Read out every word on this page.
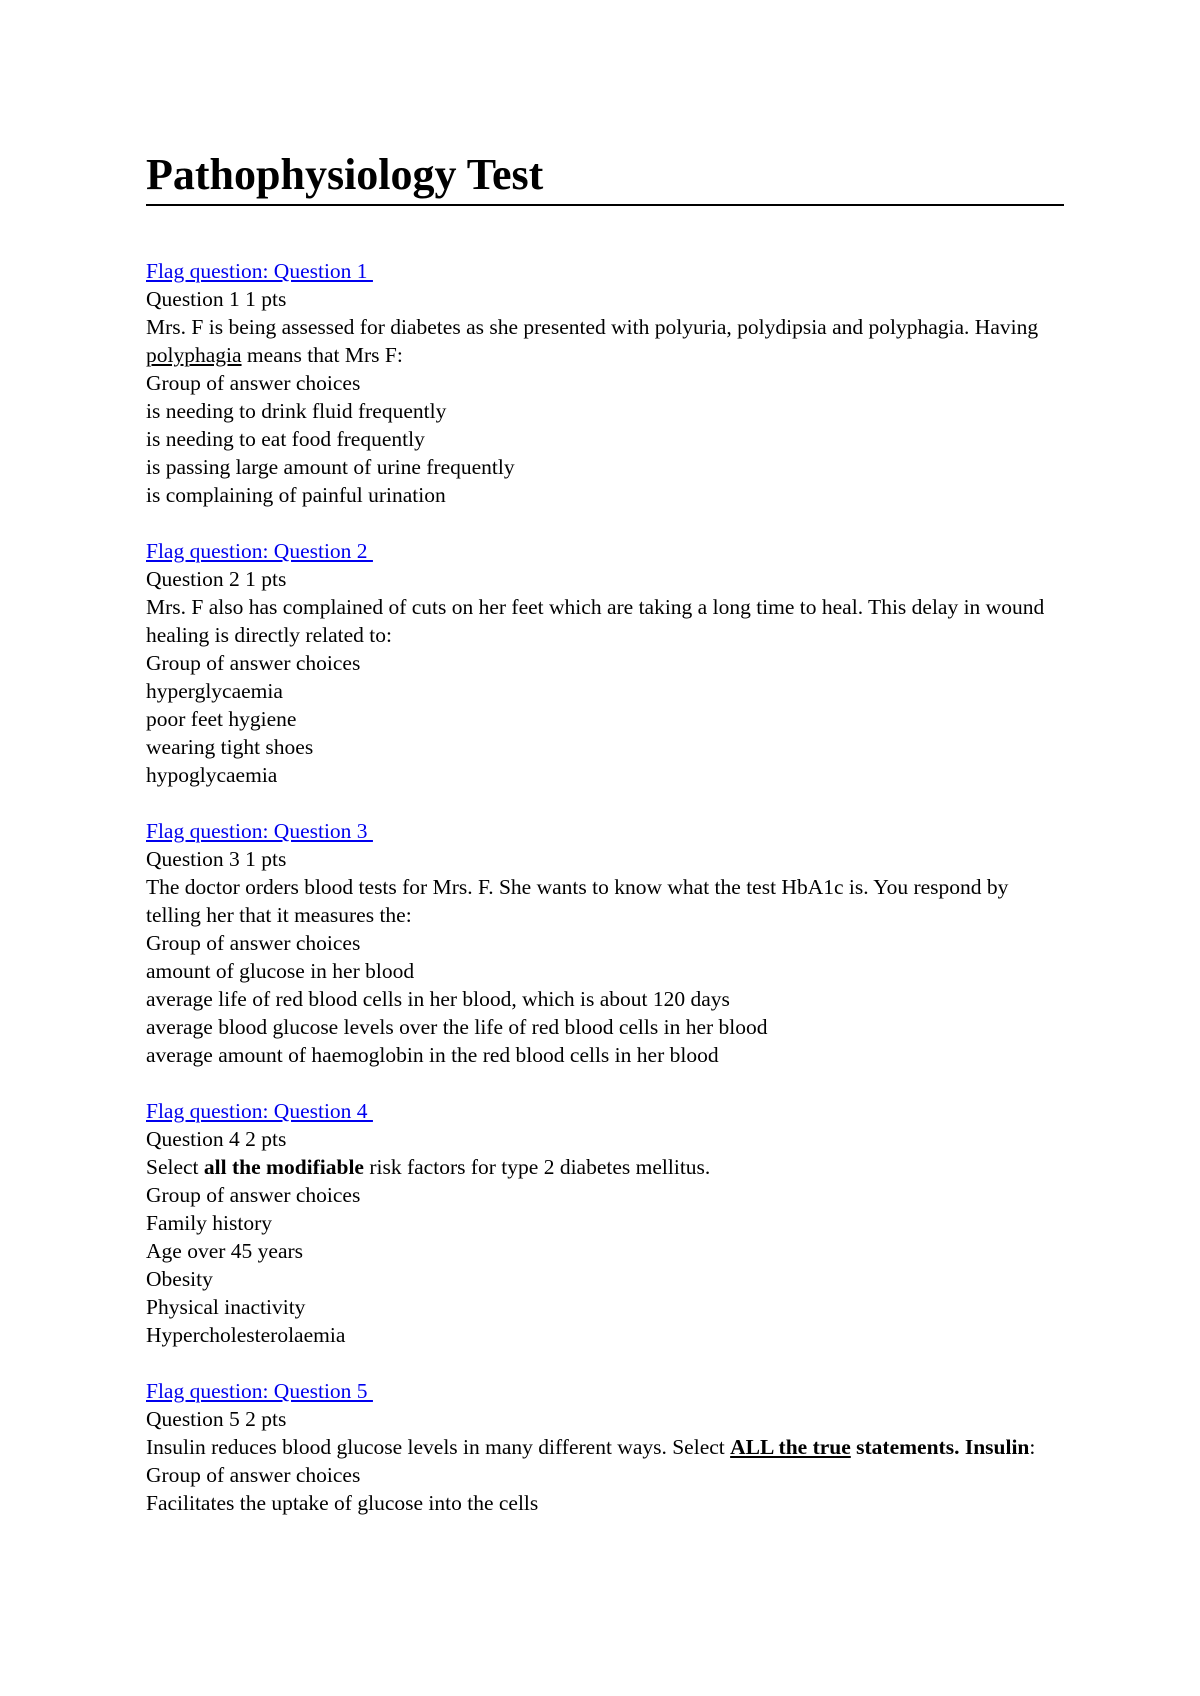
Pathophysiology Test
Flag question: Question 1
Question 1 1 pts
Mrs. F is being assessed for diabetes as she presented with polyuria, polydipsia and polyphagia. Having polyphagia means that Mrs F:
Group of answer choices
is needing to drink fluid frequently
is needing to eat food frequently
is passing large amount of urine frequently
is complaining of painful urination
Flag question: Question 2
Question 2 1 pts
Mrs. F also has complained of cuts on her feet which are taking a long time to heal. This delay in wound healing is directly related to:
Group of answer choices
hyperglycaemia
poor feet hygiene
wearing tight shoes
hypoglycaemia
Flag question: Question 3
Question 3 1 pts
The doctor orders blood tests for Mrs. F. She wants to know what the test HbA1c is. You respond by telling her that it measures the:
Group of answer choices
amount of glucose in her blood
average life of red blood cells in her blood, which is about 120 days
average blood glucose levels over the life of red blood cells in her blood
average amount of haemoglobin in the red blood cells in her blood
Flag question: Question 4
Question 4 2 pts
Select all the modifiable risk factors for type 2 diabetes mellitus.
Group of answer choices
Family history
Age over 45 years
Obesity
Physical inactivity
Hypercholesterolaemia
Flag question: Question 5
Question 5 2 pts
Insulin reduces blood glucose levels in many different ways. Select ALL the true statements. Insulin:
Group of answer choices
Facilitates the uptake of glucose into the cells
